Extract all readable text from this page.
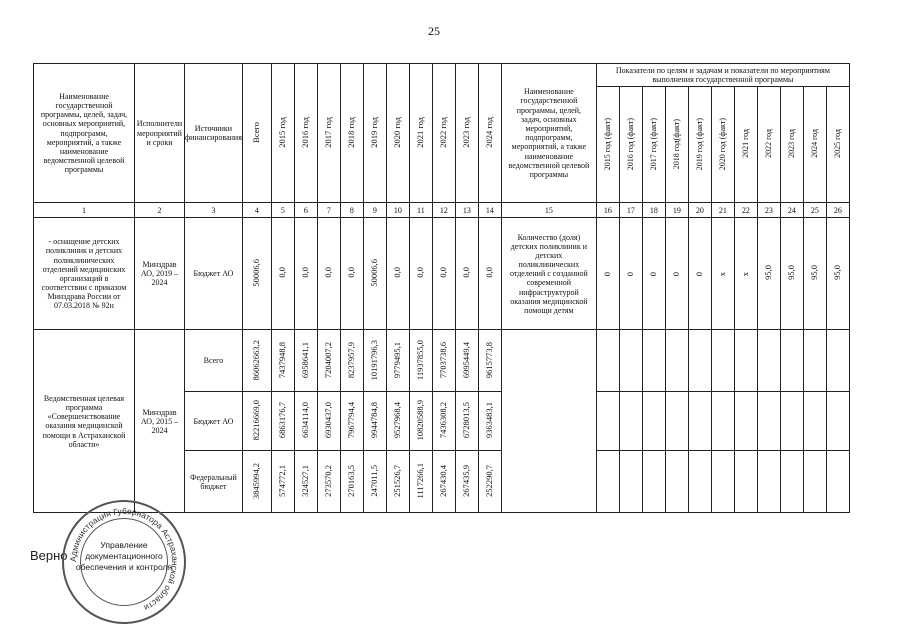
25
Наименование государственной программы, целей, задач, основных мероприятий, подпрограмм, мероприятий, а также наименование ведомственной целевой программы	Исполнители мероприятий и сроки	Источники финансирования	Всего	2015 год	2016 год	2017 год	2018 год	2019 год	2020 год	2021 год	2022 год	2023 год	2024 год	Наименование государственной программы, целей, задач, основных мероприятий, подпрограмм, мероприятий, а также наименование ведомственной целевой программы	Показатели по целям и задачам и показатели по мероприятиям выполнения государственной программы										
															2015 год (факт)	2016 год (факт)	2017 год (факт)	2018 год(факт)	2019 год (факт)	2020 год (факт)	2021 год	2022 год	2023 год	2024 год	2025 год
1	2	3	4	5	6	7	8	9	10	11	12	13	14	15	16	17	18	19	20	21	22	23	24	25	26
- оснащение детских поликлиник и детских поликлинических отделений медицинских организаций в соответствии с приказом Минздрава России от 07.03.2018 № 92н	Минздрав АО, 2019 – 2024	Бюджет АО	50006,6	0,0	0,0	0,0	0,0	50006,6	0,0	0,0	0,0	0,0	0,0	Количество (доля) детских поликлиник и детских поликлинических отделений с созданной современной инфраструктурой оказания медицинской помощи детям	0	0	0	0	0	х	х	95,0	95,0	95,0	95,0
Ведомственная целевая программа «Совершенствование оказания медицинской помощи в Астраханской области»	Минздрав АО, 2015 – 2024	Всего	86062663,2	7437948,8	6958641,1	7204007,2	8237957,9	10191796,3	9779495,1	11937855,0	7703738,6	6995449,4	9615773,8												
		Бюджет АО	82216669,0	6863176,7	6634114,0	6930437,0	7967794,4	9944784,8	9527968,4	10820588,9	7436308,2	6728013,5	9363483,1												
		Федеральный бюджет	3845994,2	574772,1	324527,1	273570,2	270163,5	247011,5	251526,7	1117266,1	267430,4	267435,9	252290,7												
Верно Администрация Губернатора Астраханской области
Управление документационного обеспечения и контроля
